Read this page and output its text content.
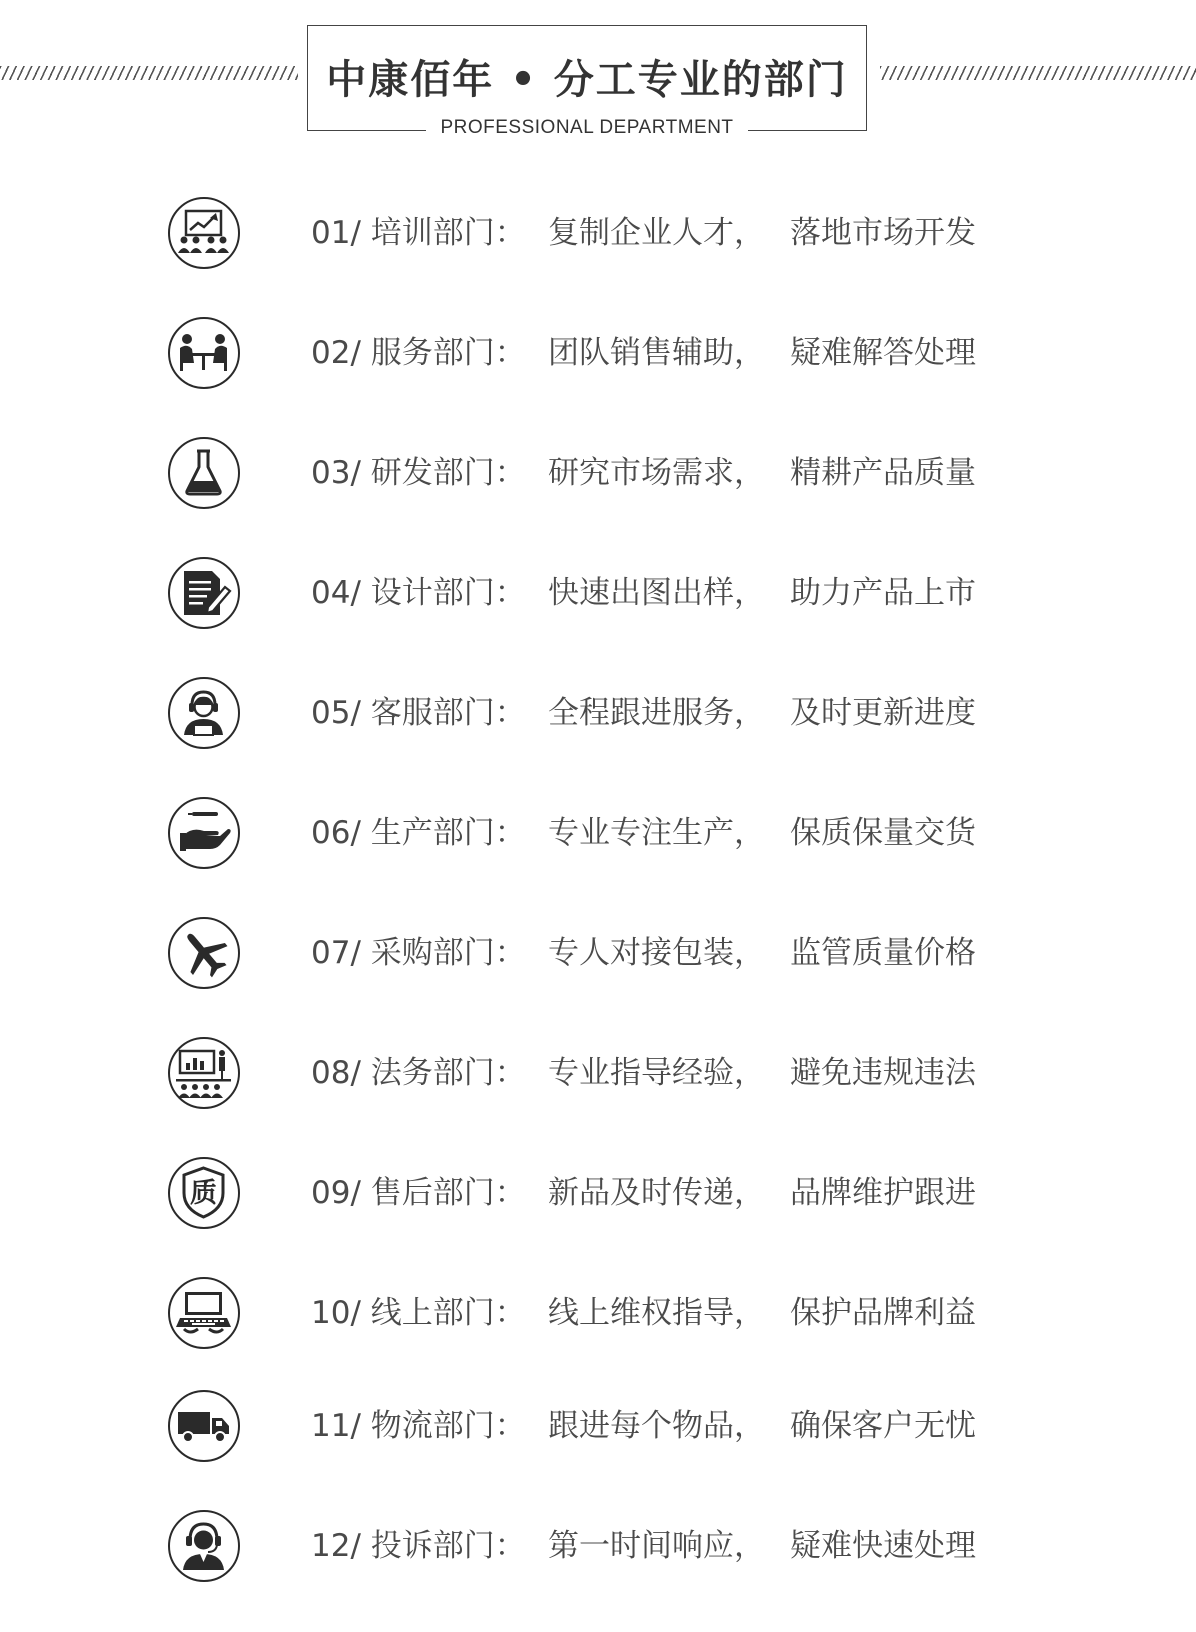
中康佰年 • 分工专业的部门
PROFESSIONAL DEPARTMENT
01/ 培训部门： 复制企业人才， 落地市场开发
02/ 服务部门： 团队销售辅助， 疑难解答处理
03/ 研发部门： 研究市场需求， 精耕产品质量
04/ 设计部门： 快速出图出样， 助力产品上市
05/ 客服部门： 全程跟进服务， 及时更新进度
06/ 生产部门： 专业专注生产， 保质保量交货
07/ 采购部门： 专人对接包装， 监管质量价格
08/ 法务部门： 专业指导经验， 避免违规违法
质	09/ 售后部门： 新品及时传递， 品牌维护跟进
10/ 线上部门： 线上维权指导， 保护品牌利益
11/ 物流部门： 跟进每个物品， 确保客户无忧
12/ 投诉部门： 第一时间响应， 疑难快速处理
